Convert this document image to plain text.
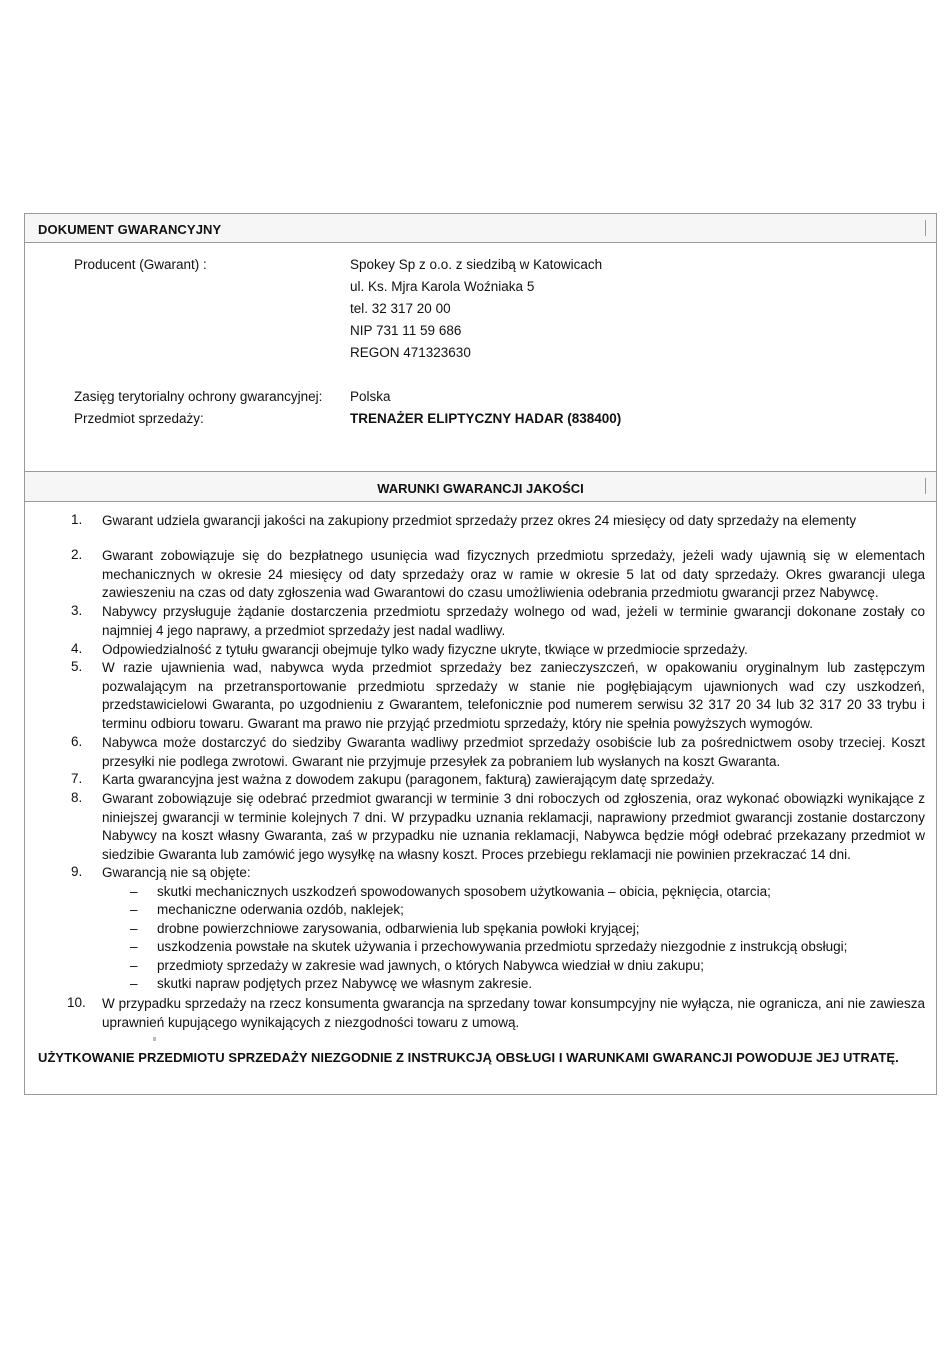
DOKUMENT GWARANCYJNY
Producent (Gwarant) :	Spokey Sp z o.o. z siedzibą w Katowicach
ul. Ks. Mjra Karola Woźniaka 5
tel. 32 317 20 00
NIP 731 11 59 686
REGON 471323630
Zasięg terytorialny ochrony gwarancyjnej: Polska
Przedmiot sprzedaży:	TRENAŻER ELIPTYCZNY HADAR (838400)
WARUNKI GWARANCJI JAKOŚCI
1. Gwarant udziela gwarancji jakości na zakupiony przedmiot sprzedaży przez okres 24 miesięcy od daty sprzedaży na elementy
2. Gwarant zobowiązuje się do bezpłatnego usunięcia wad fizycznych przedmiotu sprzedaży, jeżeli wady ujawnią się w elementach mechanicznych w okresie 24 miesięcy od daty sprzedaży oraz w ramie w okresie 5 lat od daty sprzedaży. Okres gwarancji ulega zawieszeniu na czas od daty zgłoszenia wad Gwarantowi do czasu umożliwienia odebrania przedmiotu gwarancji przez Nabywcę.
3. Nabywcy przysługuje żądanie dostarczenia przedmiotu sprzedaży wolnego od wad, jeżeli w terminie gwarancji dokonane zostały co najmniej 4 jego naprawy, a przedmiot sprzedaży jest nadal wadliwy.
4. Odpowiedzialność z tytułu gwarancji obejmuje tylko wady fizyczne ukryte, tkwiące w przedmiocie sprzedaży.
5. W razie ujawnienia wad, nabywca wyda przedmiot sprzedaży bez zanieczyszczeń, w opakowaniu oryginalnym lub zastępczym pozwalającym na przetransportowanie przedmiotu sprzedaży w stanie nie pogłębiającym ujawnionych wad czy uszkodzeń, przedstawicielowi Gwaranta, po uzgodnieniu z Gwarantem, telefonicznie pod numerem serwisu 32 317 20 34 lub 32 317 20 33 trybu i terminu odbioru towaru. Gwarant ma prawo nie przyjąć przedmiotu sprzedaży, który nie spełnia powyższych wymogów.
6. Nabywca może dostarczyć do siedziby Gwaranta wadliwy przedmiot sprzedaży osobiście lub za pośrednictwem osoby trzeciej. Koszt przesyłki nie podlega zwrotowi. Gwarant nie przyjmuje przesyłek za pobraniem lub wysłanych na koszt Gwaranta.
7. Karta gwarancyjna jest ważna z dowodem zakupu (paragonem, fakturą) zawierającym datę sprzedaży.
8. Gwarant zobowiązuje się odebrać przedmiot gwarancji w terminie 3 dni roboczych od zgłoszenia, oraz wykonać obowiązki wynikające z niniejszej gwarancji w terminie kolejnych 7 dni. W przypadku uznania reklamacji, naprawiony przedmiot gwarancji zostanie dostarczony Nabywcy na koszt własny Gwaranta, zaś w przypadku nie uznania reklamacji, Nabywca będzie mógł odebrać przekazany przedmiot w siedzibie Gwaranta lub zamówić jego wysyłkę na własny koszt. Proces przebiegu reklamacji nie powinien przekraczać 14 dni.
9. Gwarancją nie są objęte:
– skutki mechanicznych uszkodzeń spowodowanych sposobem użytkowania – obicia, pęknięcia, otarcia;
– mechaniczne oderwania ozdób, naklejek;
– drobne powierzchniowe zarysowania, odbarwienia lub spękania powłoki kryjącej;
– uszkodzenia powstałe na skutek używania i przechowywania przedmiotu sprzedaży niezgodnie z instrukcją obsługi;
– przedmioty sprzedaży w zakresie wad jawnych, o których Nabywca wiedział w dniu zakupu;
– skutki napraw podjętych przez Nabywcę we własnym zakresie.
10. W przypadku sprzedaży na rzecz konsumenta gwarancja na sprzedany towar konsumpcyjny nie wyłącza, nie ogranicza, ani nie zawiesza uprawnień kupującego wynikających z niezgodności towaru z umową.
UŻYTKOWANIE PRZEDMIOTU SPRZEDAŻY NIEZGODNIE Z INSTRUKCJĄ OBSŁUGI I WARUNKAMI GWARANCJI POWODUJE JEJ UTRATĘ.
